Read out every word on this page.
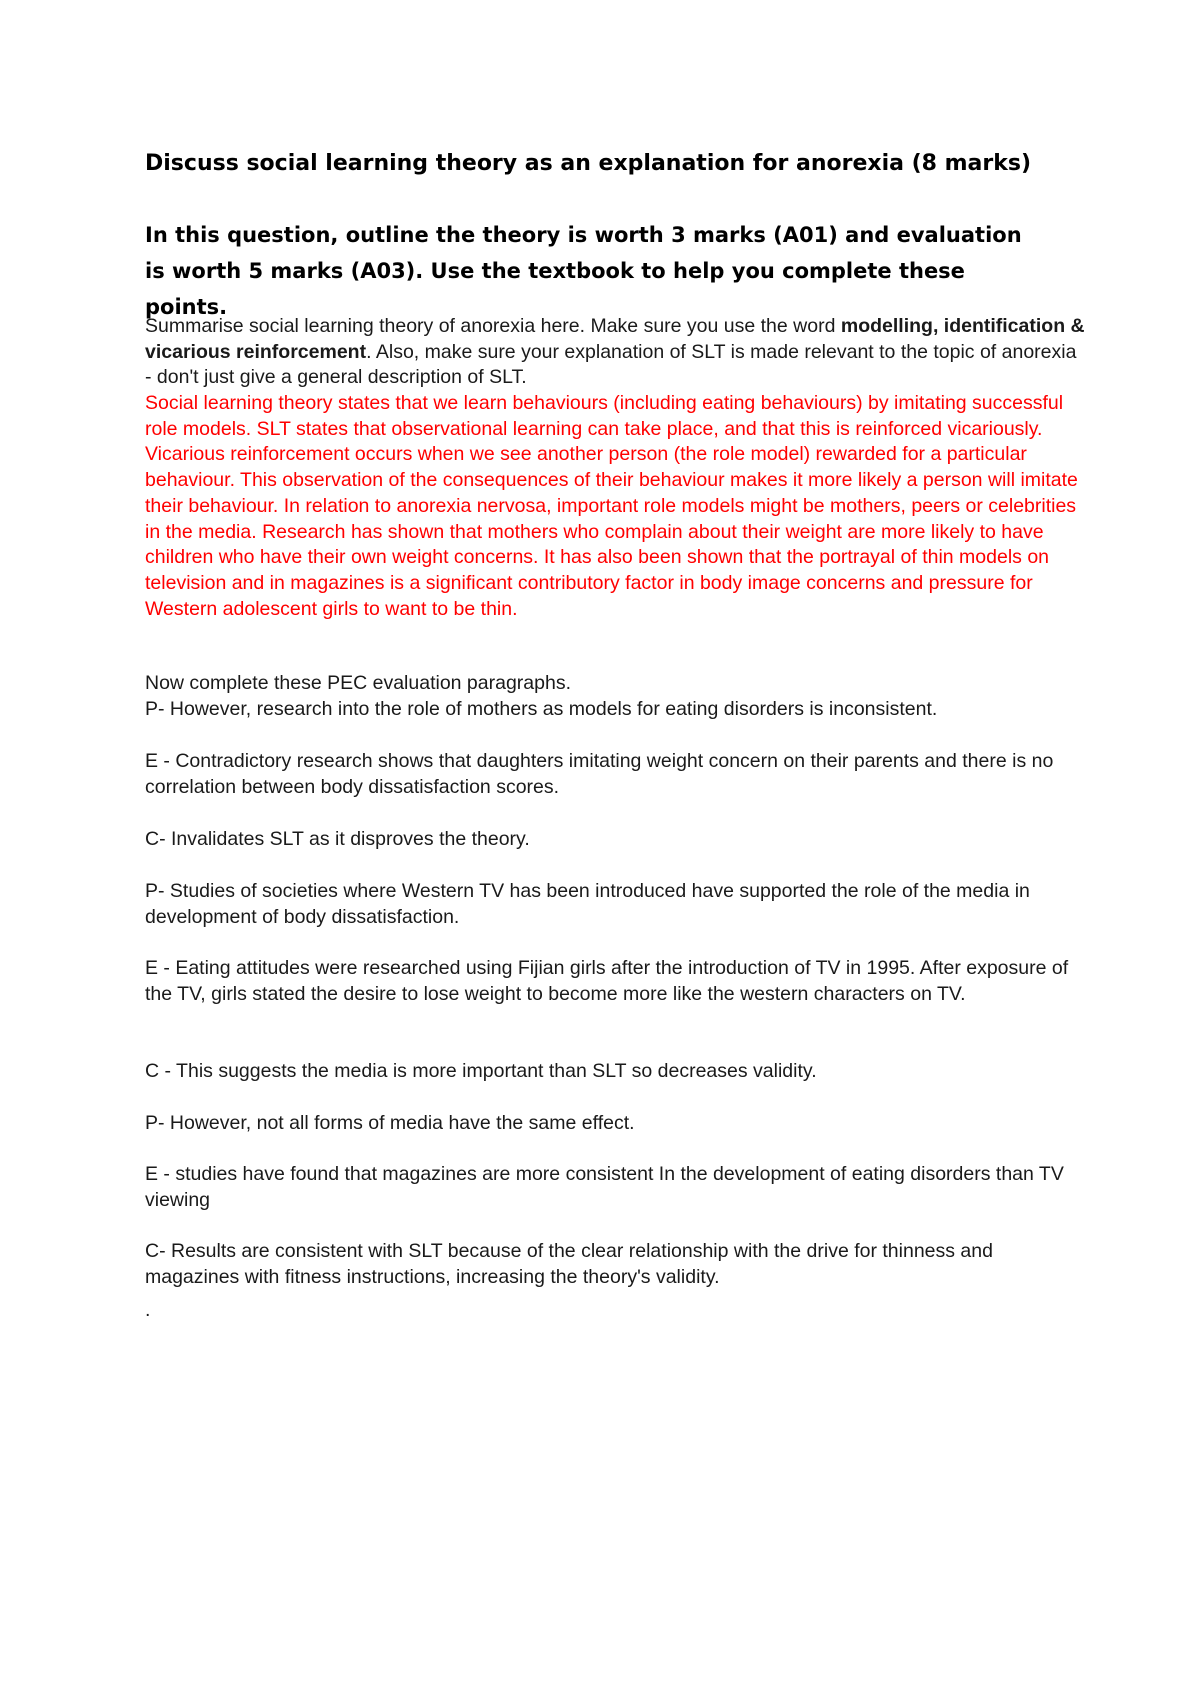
Discuss social learning theory as an explanation for anorexia (8 marks)

In this question, outline the theory is worth 3 marks (A01) and evaluation is worth 5 marks (A03). Use the textbook to help you complete these points.

Summarise social learning theory of anorexia here. Make sure you use the word modelling, identification & vicarious reinforcement. Also, make sure your explanation of SLT is made relevant to the topic of anorexia - don't just give a general description of SLT.

Social learning theory states that we learn behaviours (including eating behaviours) by imitating successful role models. SLT states that observational learning can take place, and that this is reinforced vicariously. Vicarious reinforcement occurs when we see another person (the role model) rewarded for a particular behaviour. This observation of the consequences of their behaviour makes it more likely a person will imitate their behaviour. In relation to anorexia nervosa, important role models might be mothers, peers or celebrities in the media. Research has shown that mothers who complain about their weight are more likely to have children who have their own weight concerns. It has also been shown that the portrayal of thin models on television and in magazines is a significant contributory factor in body image concerns and pressure for Western adolescent girls to want to be thin.

Now complete these PEC evaluation paragraphs.

P- However, research into the role of mothers as models for eating disorders is inconsistent.

E - Contradictory research shows that daughters imitating weight concern on their parents and there is no correlation between body dissatisfaction scores.

C- Invalidates SLT as it disproves the theory.

P- Studies of societies where Western TV has been introduced have supported the role of the media in development of body dissatisfaction.

E - Eating attitudes were researched using Fijian girls after the introduction of TV in 1995. After exposure of the TV, girls stated the desire to lose weight to become more like the western characters on TV.

C - This suggests the media is more important than SLT so decreases validity.

P- However, not all forms of media have the same effect.

E - studies have found that magazines are more consistent In the development of eating disorders than TV viewing

C- Results are consistent with SLT because of the clear relationship with the drive for thinness and magazines with fitness instructions, increasing the theory's validity.

.
